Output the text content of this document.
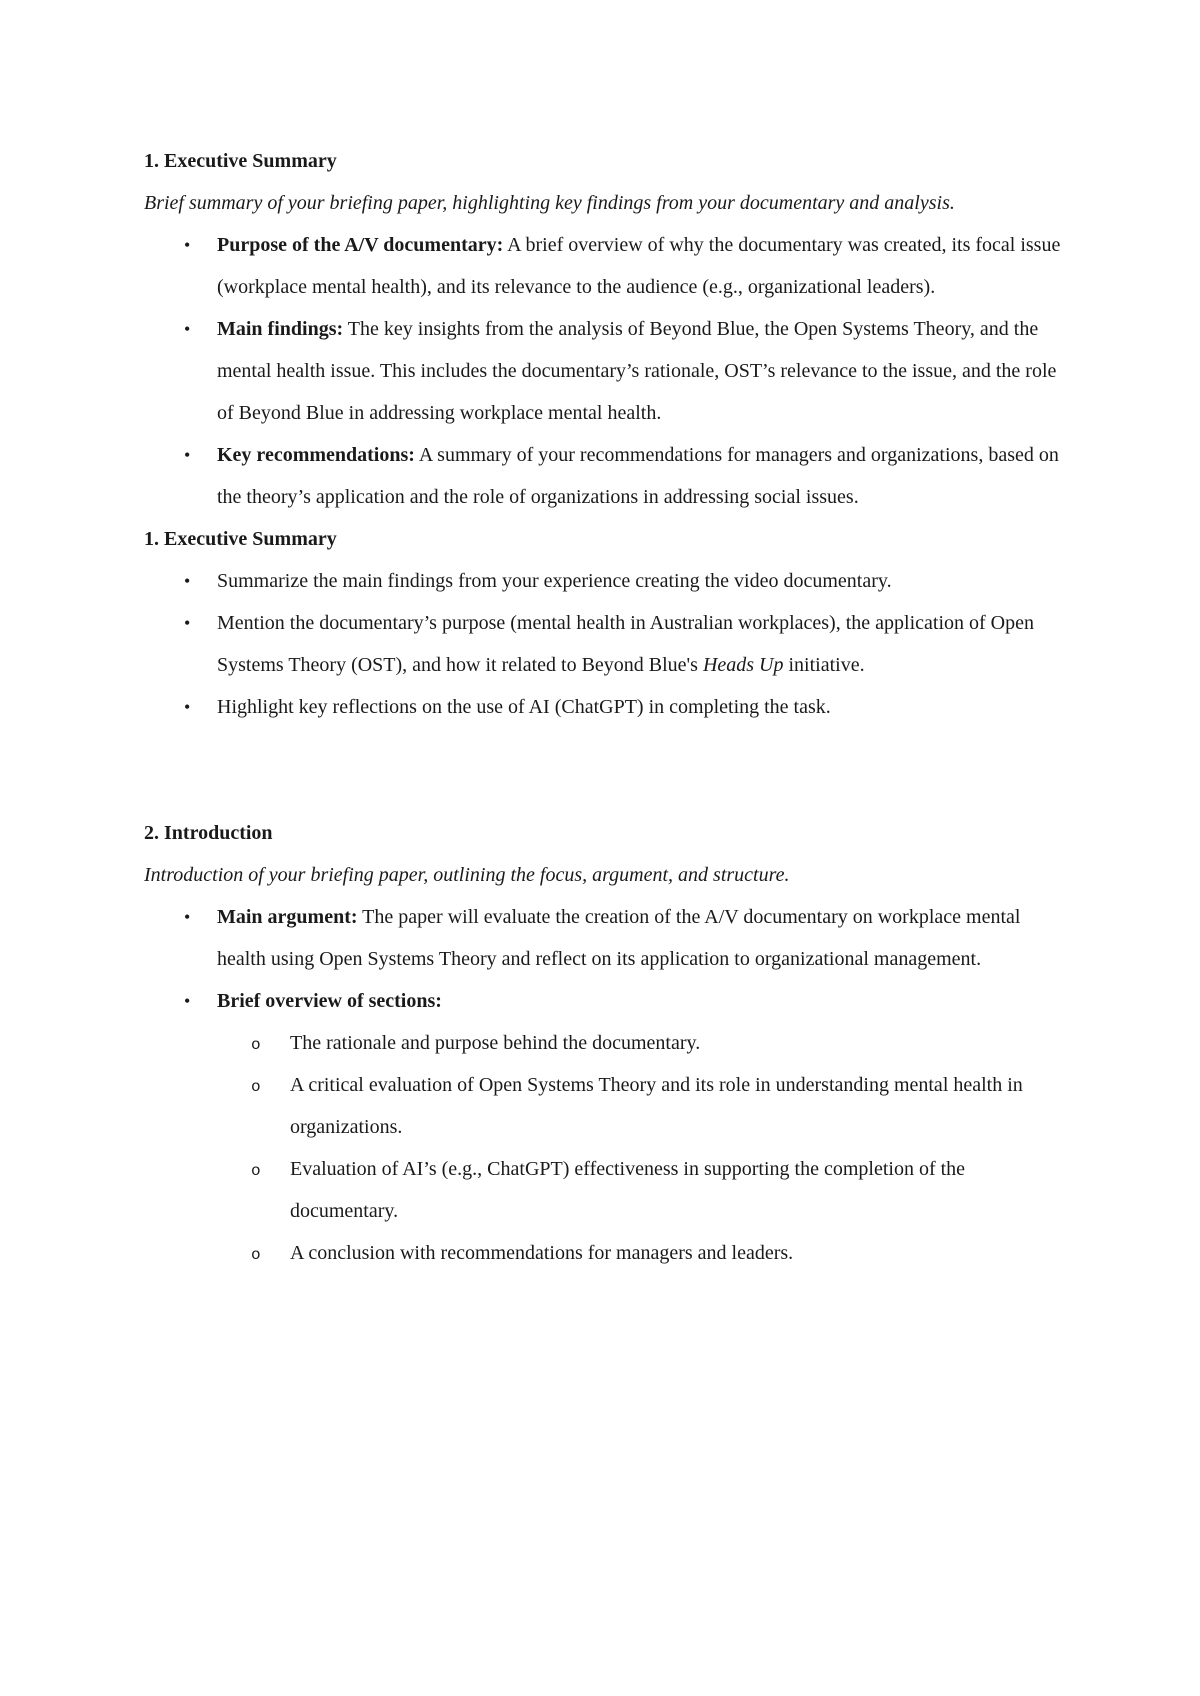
1. Executive Summary

Brief summary of your briefing paper, highlighting key findings from your documentary and analysis.

• Purpose of the A/V documentary: A brief overview of why the documentary was created, its focal issue (workplace mental health), and its relevance to the audience (e.g., organizational leaders).
• Main findings: The key insights from the analysis of Beyond Blue, the Open Systems Theory, and the mental health issue. This includes the documentary’s rationale, OST’s relevance to the issue, and the role of Beyond Blue in addressing workplace mental health.
• Key recommendations: A summary of your recommendations for managers and organizations, based on the theory’s application and the role of organizations in addressing social issues.
1. Executive Summary
• Summarize the main findings from your experience creating the video documentary.
• Mention the documentary’s purpose (mental health in Australian workplaces), the application of Open Systems Theory (OST), and how it related to Beyond Blue's Heads Up initiative.
• Highlight key reflections on the use of AI (ChatGPT) in completing the task.
2. Introduction

Introduction of your briefing paper, outlining the focus, argument, and structure.

• Main argument: The paper will evaluate the creation of the A/V documentary on workplace mental health using Open Systems Theory and reflect on its application to organizational management.
• Brief overview of sections:
o The rationale and purpose behind the documentary.
o A critical evaluation of Open Systems Theory and its role in understanding mental health in organizations.
o Evaluation of AI’s (e.g., ChatGPT) effectiveness in supporting the completion of the documentary.
o A conclusion with recommendations for managers and leaders.
